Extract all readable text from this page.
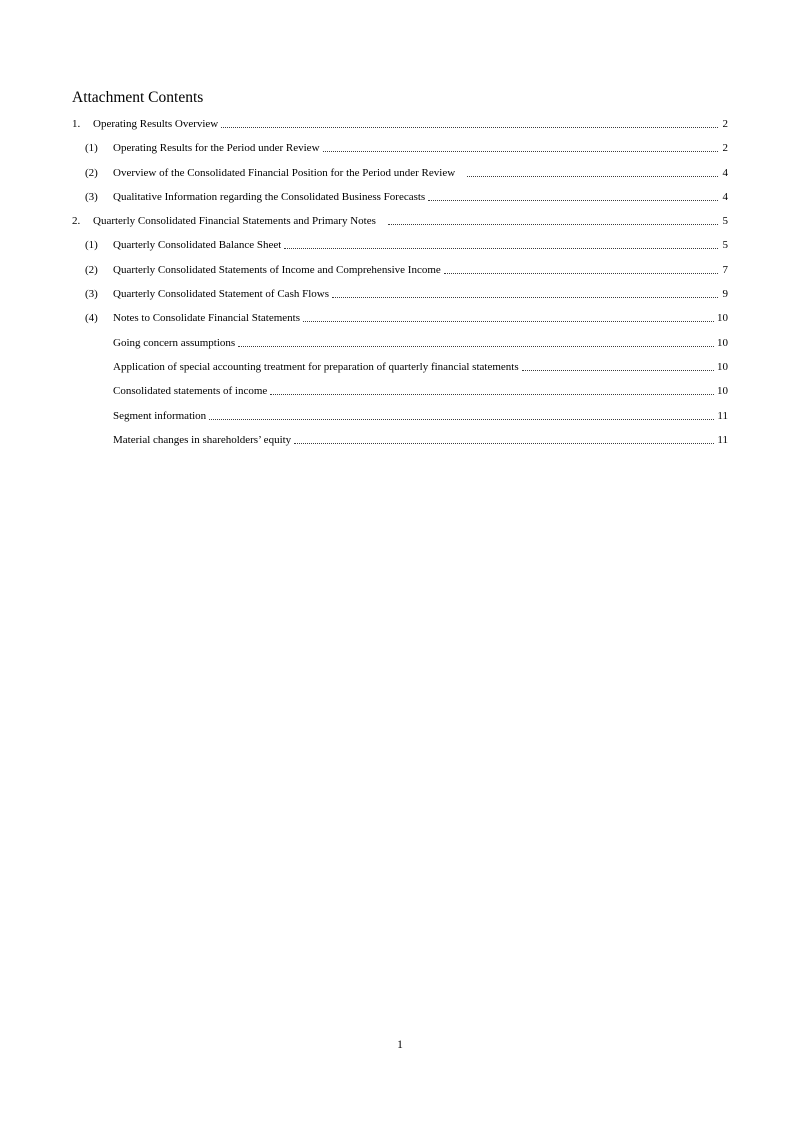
Attachment Contents
1.	Operating Results Overview	2
(1)	Operating Results for the Period under Review	2
(2)	Overview of the Consolidated Financial Position for the Period under Review	4
(3)	Qualitative Information regarding the Consolidated Business Forecasts	4
2.	Quarterly Consolidated Financial Statements and Primary Notes	5
(1)	Quarterly Consolidated Balance Sheet	5
(2)	Quarterly Consolidated Statements of Income and Comprehensive Income	7
(3)	Quarterly Consolidated Statement of Cash Flows	9
(4)	Notes to Consolidate Financial Statements	10
Going concern assumptions	10
Application of special accounting treatment for preparation of quarterly financial statements	10
Consolidated statements of income	10
Segment information	11
Material changes in shareholders’ equity	11
1
